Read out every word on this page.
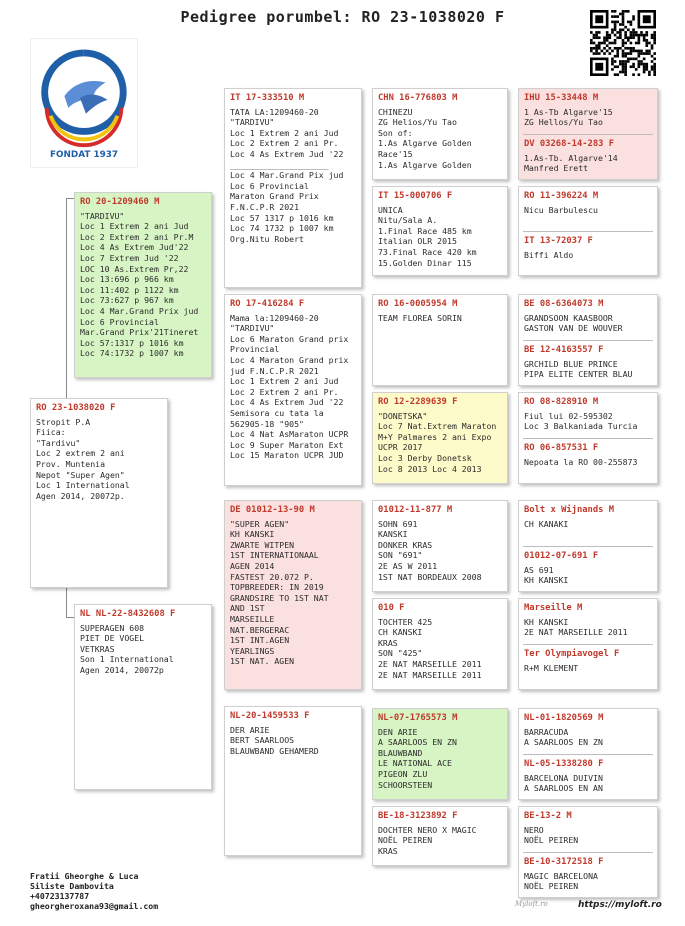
Pedigree porumbel: RO 23-1038020 F
FONDAT 1937
RO 23-1038020 F
Stropit P.A
Fiica:
"Tardivu"
Loc 2 extrem 2 ani
Prov. Muntenia
Nepot "Super Agen"
Loc 1 International
Agen 2014, 20072p.
RO 20-1209460 M
"TARDIVU"
Loc 1 Extrem 2 ani Jud
Loc 2 Extrem 2 ani Pr.M
Loc 4 As Extrem Jud'22
Loc 7 Extrem Jud '22
LOC 10 As.Extrem Pr,22
Loc 13:696 p 966 km
Loc 11:402 p 1122 km
Loc 73:627 p 967 km
Loc 4 Mar.Grand Prix jud
Loc 6 Provincial
Mar.Grand Prix'21Tineret
Loc 57:1317 p 1016 km
Loc 74:1732 p 1007 km
NL NL-22-8432608 F
SUPERAGEN 608
PIET DE VOGEL
VETKRAS
Son 1 International
Agen 2014, 20072p
IT 17-333510 M
TATA LA:1209460-20
"TARDIVU"
Loc 1 Extrem 2 ani Jud
Loc 2 Extrem 2 ani Pr.
Loc 4 As Extrem Jud '22
____________________
Loc 4 Mar.Grand Pix jud
Loc 6 Provincial
Maraton Grand Prix
F.N.C.P.R 2021
Loc 57 1317 p 1016 km
Loc 74 1732 p 1007 km
Org.Nitu Robert
RO 17-416284 F
Mama la:1209460-20
"TARDIVU"
Loc 6 Maraton Grand prix
Provincial
Loc 4 Maraton Grand prix
jud F.N.C.P.R 2021
Loc 1 Extrem 2 ani Jud
Loc 2 Extrem 2 ani Pr.
Loc 4 As Extrem Jud '22
Semisora cu tata la
562905-18 "905"
Loc 4 Nat AsMaraton UCPR
Loc 9 Super Maraton Ext
Loc 15 Maraton UCPR JUD
DE 01012-13-90 M
"SUPER AGEN"
KH KANSKI
ZWARTE WITPEN
1ST INTERNATIONAAL
AGEN 2014
FASTEST 20.072 P.
TOPBREEDER: IN 2019
GRANDSIRE TO 1ST NAT
AND 1ST
MARSEILLE
NAT.BERGERAC
1ST INT.AGEN
YEARLINGS
1ST NAT. AGEN
NL-20-1459533 F
DER ARIE
BERT SAARLOOS
BLAUWBAND GEHAMERD
CHN 16-776803 M
CHINEZU
ZG Helios/Yu Tao
Son of:
1.As Algarve Golden
Race'15
1.As Algarve Golden
IT 15-000706 F
UNICA
Nitu/Sala A.
1.Final Race 485 km
Italian OLR 2015
73.Final Race 420 km
15.Golden Dinar 115
RO 16-0005954 M
TEAM FLOREA SORIN
RO 12-2289639 F
"DONETSKA"
Loc 7 Nat.Extrem Maraton
M+Y Palmares 2 ani Expo
UCPR 2017
Loc 3 Derby Donetsk
Loc 8 2013 Loc 4 2013
01012-11-877 M
SOHN 691
KANSKI
DONKER KRAS
SON "691"
2E AS W 2011
1ST NAT BORDEAUX 2008
010 F
TOCHTER 425
CH KANSKI
KRAS
SON "425"
2E NAT MARSEILLE 2011
2E NAT MARSEILLE 2011
NL-07-1765573 M
DEN ARIE
A SAARLOOS EN ZN
BLAUWBAND
LE NATIONAL ACE
PIGEON ZLU
SCHOORSTEEN
BE-18-3123892 F
DOCHTER NERO X MAGIC
NOËL PEIREN
KRAS
IHU 15-33448 M
1 As-Tb Algarve'15
ZG Hellos/Yu Tao
DV 03268-14-283 F
1.As-Tb. Algarve'14
Manfred Erett
RO 11-396224 M
Nicu Barbulescu
IT 13-72037 F
Biffi Aldo
BE 08-6364073 M
GRANDSOON KAASBOOR
GASTON VAN DE WOUVER
BE 12-4163557 F
GRCHILD BLUE PRINCE
PIPA ELITE CENTER BLAU
RO 08-828910 M
Fiul lui 02-595302
Loc 3 Balkaniada Turcia
RO 06-857531 F
Nepoata la RO 00-255873
Bolt x Wijnands M
CH KANAKI
01012-07-691 F
AS 691
KH KANSKI
Marseille M
KH KANSKI
2E NAT MARSEILLE 2011
Ter Olympiavogel F
R+M KLEMENT
NL-01-1820569 M
BARRACUDA
A SAARLOOS EN ZN
NL-05-1338280 F
BARCELONA DUIVIN
A SAARLOOS EN AN
BE-13-2 M
NERO
NOËL PEIREN
BE-10-3172518 F
MAGIC BARCELONA
NOËL PEIREN
Fratii Gheorghe & Luca
Siliste Dambovita
+40723137787
gheorgheroxana93@gmail.com	Myloft.ro	https://myloft.ro
